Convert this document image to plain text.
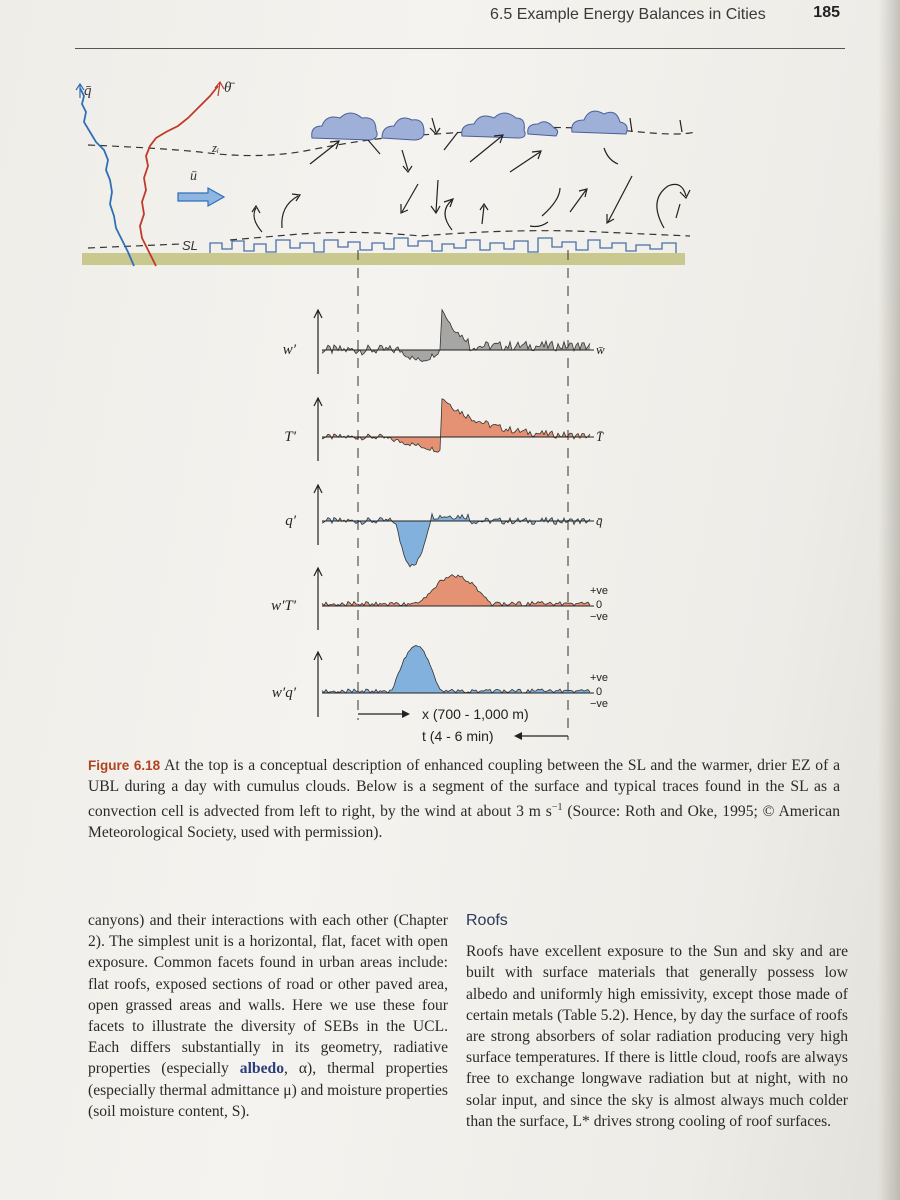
6.5 Example Energy Balances in Cities	185
q̄	θ̄
zᵢ
ū
SL
w′	w̄
T′	T̄
q′	q̄
w′T′
+ve
0
−ve
w′q′
+ve
0
−ve
x (700 - 1,000 m)
t (4 - 6 min)
Figure 6.18 At the top is a conceptual description of enhanced coupling between the SL and the warmer, drier EZ of a UBL during a day with cumulus clouds. Below is a segment of the surface and typical traces found in the SL as a convection cell is advected from left to right, by the wind at about 3 m $s^{-1}$ (Source: Roth and Oke, 1995; © American Meteorological Society, used with permission).

canyons) and their interactions with each other (Chapter 2). The simplest unit is a horizontal, flat, facet with open exposure. Common facets found in urban areas include: flat roofs, exposed sections of road or other paved area, open grassed areas and walls. Here we use these four facets to illustrate the diversity of SEBs in the UCL. Each differs substantially in its geometry, radiative properties (especially albedo, α), thermal properties (especially thermal admittance μ) and moisture properties (soil moisture content, S).

Roofs

Roofs have excellent exposure to the Sun and sky and are built with surface materials that generally possess low albedo and uniformly high emissivity, except those made of certain metals (Table 5.2). Hence, by day the surface of roofs are strong absorbers of solar radiation producing very high surface temperatures. If there is little cloud, roofs are always free to exchange longwave radiation but at night, with no solar input, and since the sky is almost always much colder than the surface, L* drives strong cooling of roof surfaces.
